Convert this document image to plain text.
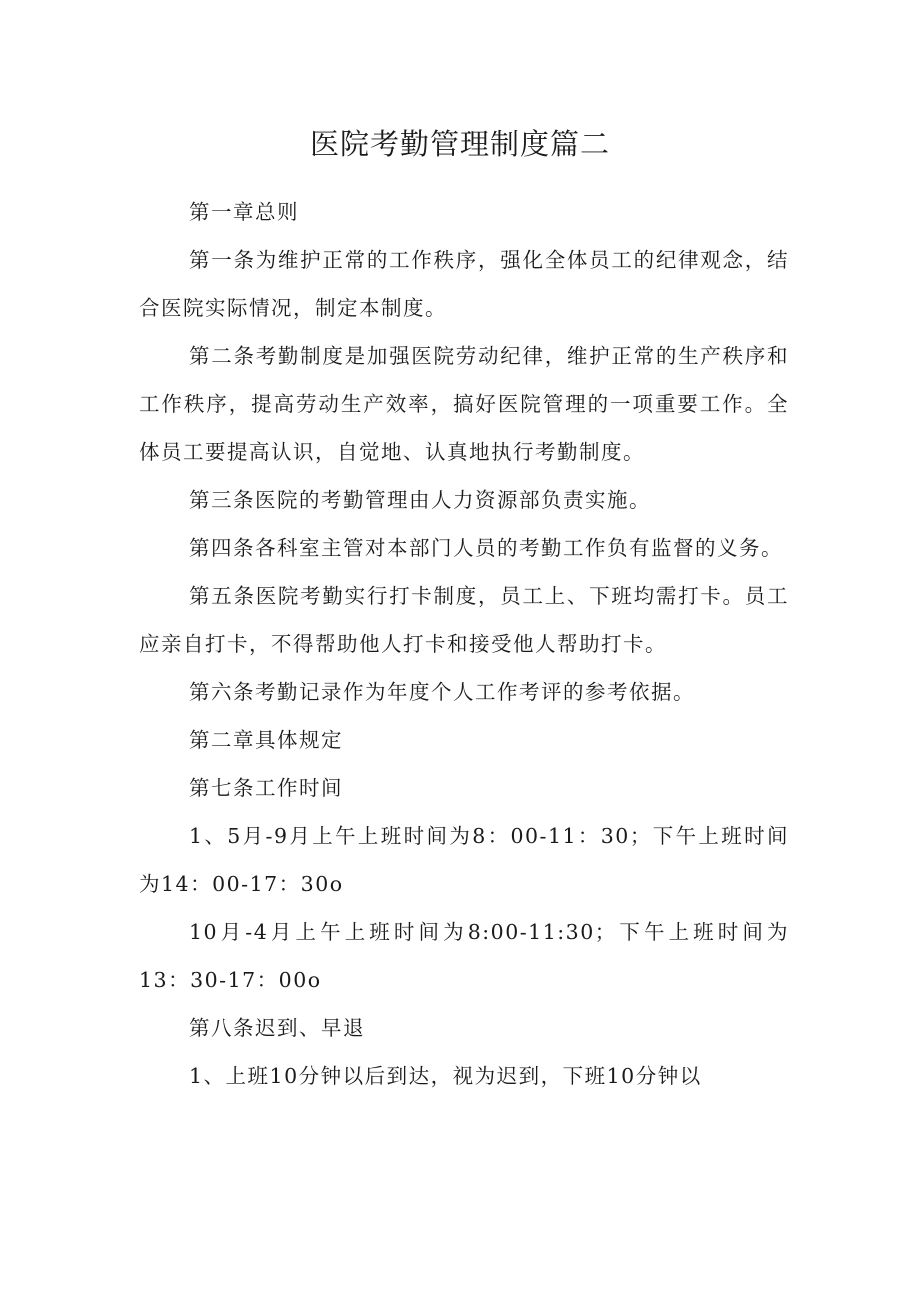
医院考勤管理制度篇二

第一章总则

第一条为维护正常的工作秩序，强化全体员工的纪律观念，结合医院实际情况，制定本制度。

第二条考勤制度是加强医院劳动纪律，维护正常的生产秩序和工作秩序，提高劳动生产效率，搞好医院管理的一项重要工作。全体员工要提高认识，自觉地、认真地执行考勤制度。

第三条医院的考勤管理由人力资源部负责实施。

第四条各科室主管对本部门人员的考勤工作负有监督的义务。

第五条医院考勤实行打卡制度，员工上、下班均需打卡。员工应亲自打卡，不得帮助他人打卡和接受他人帮助打卡。

第六条考勤记录作为年度个人工作考评的参考依据。

第二章具体规定

第七条工作时间

1、5月-9月上午上班时间为8：00-11：30；下午上班时间为14：00-17：30o

10月-4月上午上班时间为8:00-11:30；下午上班时间为13：30-17：00o

第八条迟到、早退

1、上班10分钟以后到达，视为迟到，下班10分钟以
